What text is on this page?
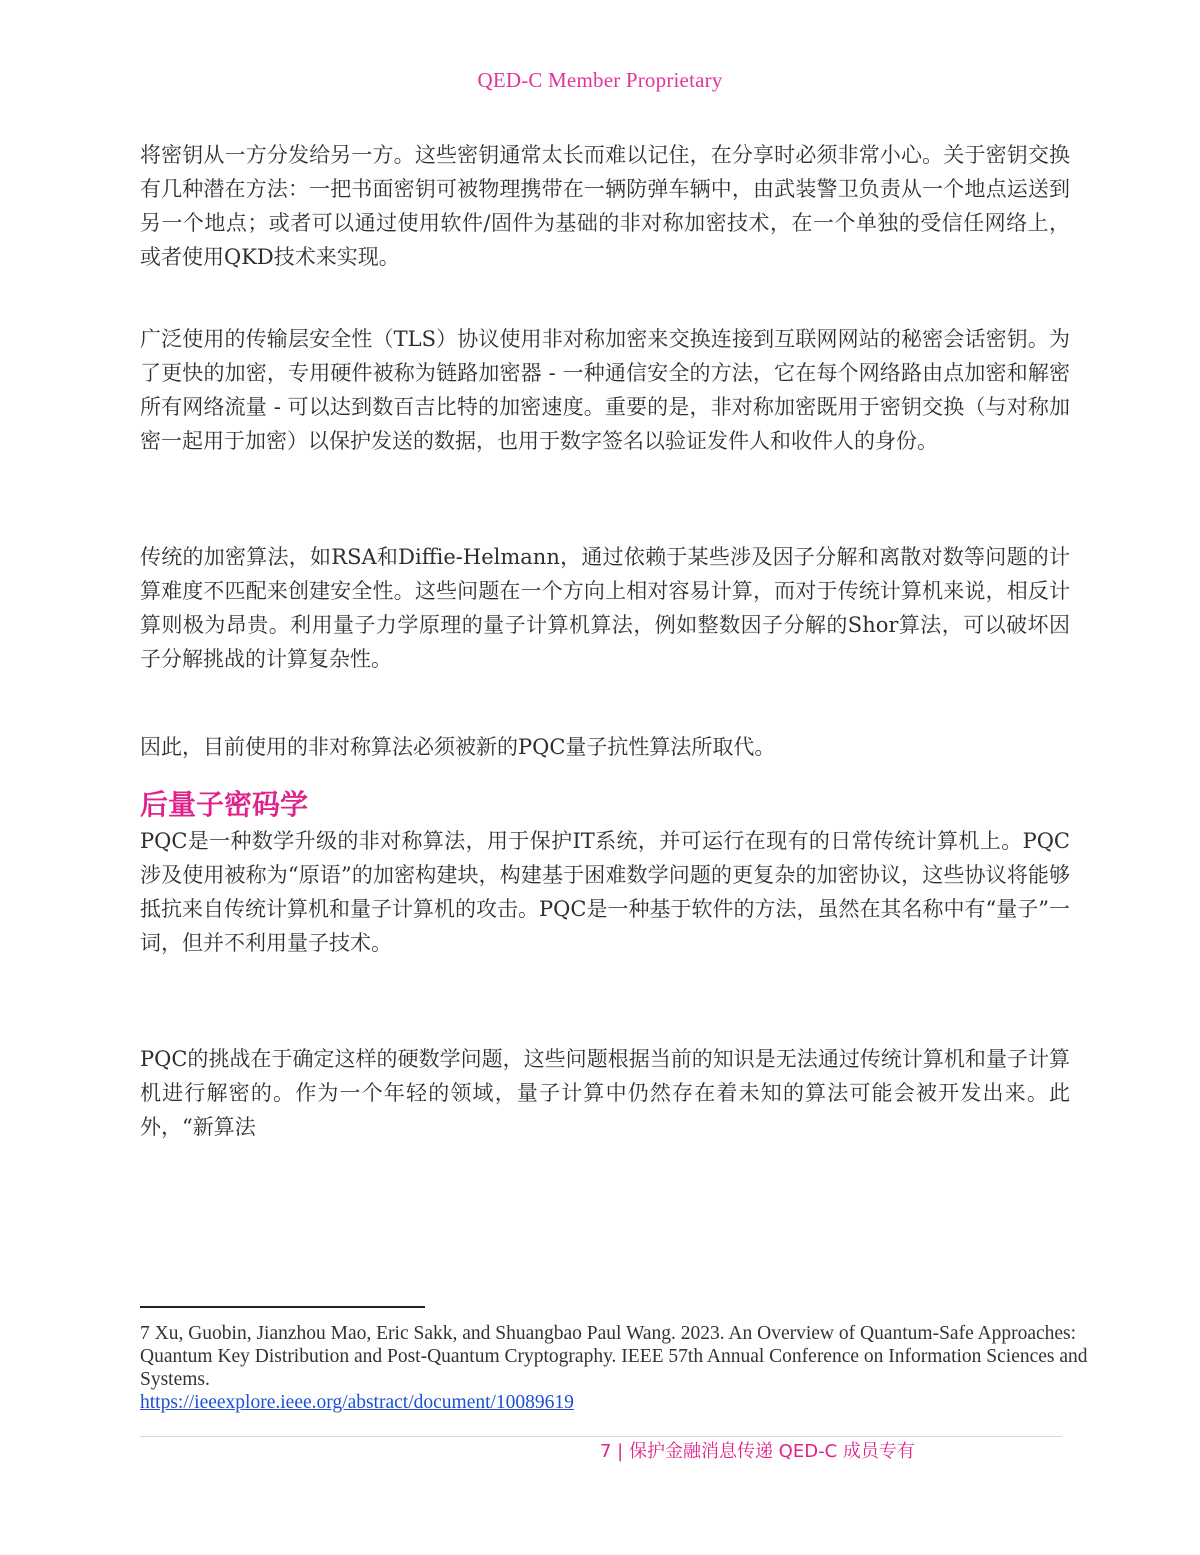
QED-C Member Proprietary

将密钥从一方分发给另一方。这些密钥通常太长而难以记住，在分享时必须非常小心。关于密钥交换有几种潜在方法：一把书面密钥可被物理携带在一辆防弹车辆中，由武装警卫负责从一个地点运送到另一个地点；或者可以通过使用软件/固件为基础的非对称加密技术，在一个单独的受信任网络上，或者使用QKD技术来实现。

广泛使用的传输层安全性（TLS）协议使用非对称加密来交换连接到互联网网站的秘密会话密钥。为了更快的加密，专用硬件被称为链路加密器 - 一种通信安全的方法，它在每个网络路由点加密和解密所有网络流量 - 可以达到数百吉比特的加密速度。重要的是，非对称加密既用于密钥交换（与对称加密一起用于加密）以保护发送的数据，也用于数字签名以验证发件人和收件人的身份。

传统的加密算法，如RSA和Diffie-Helmann，通过依赖于某些涉及因子分解和离散对数等问题的计算难度不匹配来创建安全性。这些问题在一个方向上相对容易计算，而对于传统计算机来说，相反计算则极为昂贵。利用量子力学原理的量子计算机算法，例如整数因子分解的Shor算法，可以破坏因子分解挑战的计算复杂性。

因此，目前使用的非对称算法必须被新的PQC量子抗性算法所取代。

后量子密码学

PQC是一种数学升级的非对称算法，用于保护IT系统，并可运行在现有的日常传统计算机上。PQC涉及使用被称为“原语”的加密构建块，构建基于困难数学问题的更复杂的加密协议，这些协议将能够抵抗来自传统计算机和量子计算机的攻击。PQC是一种基于软件的方法，虽然在其名称中有“量子”一词，但并不利用量子技术。

PQC的挑战在于确定这样的硬数学问题，这些问题根据当前的知识是无法通过传统计算机和量子计算机进行解密的。作为一个年轻的领域，量子计算中仍然存在着未知的算法可能会被开发出来。此外，“新算法

7 Xu, Guobin, Jianzhou Mao, Eric Sakk, and Shuangbao Paul Wang. 2023. An Overview of Quantum-Safe Approaches: Quantum Key Distribution and Post-Quantum Cryptography. IEEE 57th Annual Conference on Information Sciences and Systems.
https://ieeexplore.ieee.org/abstract/document/10089619
7 | 保护金融消息传递 QED-C 成员专有
